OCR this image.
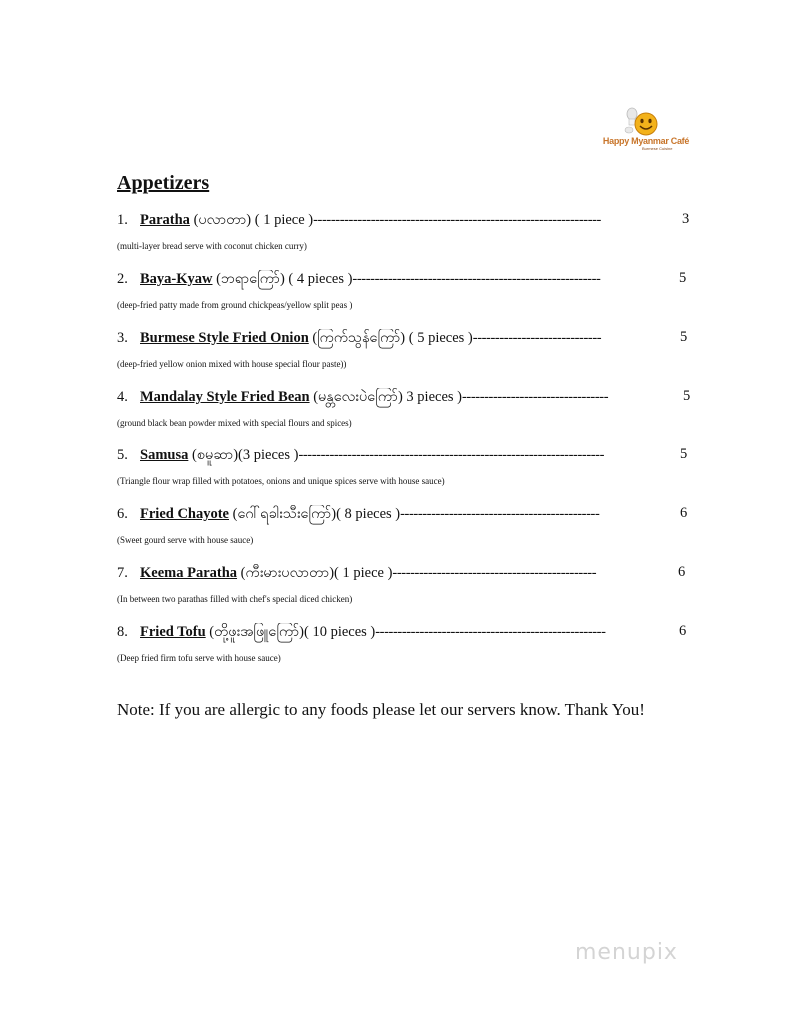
Happy Myanmar Café
Burmese Cuisine
Appetizers
1. Paratha (ပလာတာ) ( 1 piece )-----------------------------------------------------------------	3
(multi-layer bread serve with coconut chicken curry)
2. Baya-Kyaw (ဘရာကြော်) ( 4 pieces )--------------------------------------------------------	5
(deep-fried patty made from ground chickpeas/yellow split peas )
3. Burmese Style Fried Onion (ကြက်သွန်ကြော်) ( 5 pieces )-----------------------------	5
(deep-fried yellow onion mixed with house special flour paste))
4. Mandalay Style Fried Bean (မန္တလေးပဲကြော်) 3 pieces )---------------------------------	5
(ground black bean powder mixed with special flours and spices)
5. Samusa (စမူဆာ)(3 pieces )---------------------------------------------------------------------	5
(Triangle flour wrap filled with potatoes, onions and unique spices serve with house sauce)
6. Fried Chayote (ဂေါ်ရခါးသီးကြော်)( 8 pieces )---------------------------------------------	6
(Sweet gourd serve with house sauce)
7. Keema Paratha (ကီးမားပလာတာ)( 1 piece )----------------------------------------------	6
(In between two parathas filled with chef's special diced chicken)
8. Fried Tofu (တို့ဖူးအဖြူကြော်)( 10 pieces )----------------------------------------------------	6
(Deep fried firm tofu serve with house sauce)

Note: If you are allergic to any foods please let our servers know. Thank You!

menupix
